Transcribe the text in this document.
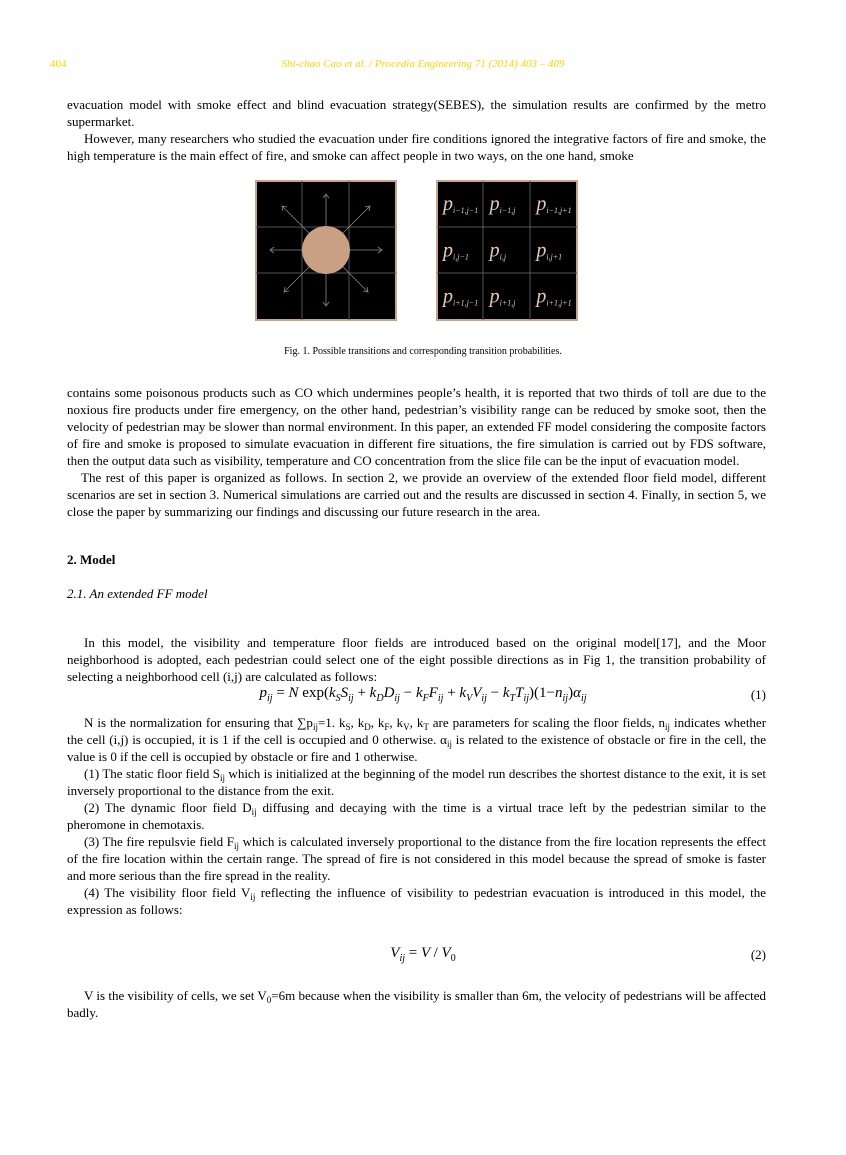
404	Shi-chao Cao et al. / Procedia Engineering 71 (2014) 403 – 409

evacuation model with smoke effect and blind evacuation strategy(SEBES), the simulation results are confirmed by the metro supermarket.

However, many researchers who studied the evacuation under fire conditions ignored the integrative factors of fire and smoke, the high temperature is the main effect of fire, and smoke can affect people in two ways, on the one hand, smoke

pi−1,j−1 pi−1,j pi−1,j+1
pi,j−1 pi,j pi,j+1
pi+1,j−1 pi+1,j pi+1,j+1
Fig. 1. Possible transitions and corresponding transition probabilities.

contains some poisonous products such as CO which undermines people’s health, it is reported that two thirds of toll are due to the noxious fire products under fire emergency, on the other hand, pedestrian’s visibility range can be reduced by smoke soot, then the velocity of pedestrian may be slower than normal environment. In this paper, an extended FF model considering the composite factors of fire and smoke is proposed to simulate evacuation in different fire situations, the fire simulation is carried out by FDS software, then the output data such as visibility, temperature and CO concentration from the slice file can be the input of evacuation model.

The rest of this paper is organized as follows. In section 2, we provide an overview of the extended floor field model, different scenarios are set in section 3. Numerical simulations are carried out and the results are discussed in section 4. Finally, in section 5, we close the paper by summarizing our findings and discussing our future research in the area.

2. Model
2.1. An extended FF model

In this model, the visibility and temperature floor fields are introduced based on the original model[17], and the Moor neighborhood is adopted, each pedestrian could select one of the eight possible directions as in Fig 1, the transition probability of selecting a neighborhood cell (i,j) are calculated as follows:

$p_{ij} = N$ $\exp(k_SS_{ij} + k_DD_{ij} - k_FF_{ij} + k_VV_{ij} - k_TT_{ij})(1-n_{ij})\alpha_{ij}$	(1)

N is the normalization for ensuring that $\sum p_{ij}=1$. $k_S$, $k_D$, $k_F$, $k_V$, $k_T$ are parameters for scaling the floor fields, $n_{ij}$ indicates whether the cell (i,j) is occupied, it is 1 if the cell is occupied and 0 otherwise. $\alpha_{ij}$ is related to the existence of obstacle or fire in the cell, the value is 0 if the cell is occupied by obstacle or fire and 1 otherwise.

(1) The static floor field $S_{ij}$ which is initialized at the beginning of the model run describes the shortest distance to the exit, it is set inversely proportional to the distance from the exit.

(2) The dynamic floor field $D_{ij}$ diffusing and decaying with the time is a virtual trace left by the pedestrian similar to the pheromone in chemotaxis.

(3) The fire repulsvie field $F_{ij}$ which is calculated inversely proportional to the distance from the fire location represents the effect of the fire location within the certain range. The spread of fire is not considered in this model because the spread of smoke is faster and more serious than the fire spread in the reality.

(4) The visibility floor field $V_{ij}$ reflecting the influence of visibility to pedestrian evacuation is introduced in this model, the expression as follows:

$V_{ij} = V / V_0$	(2)

V is the visibility of cells, we set $V_0=6m$ because when the visibility is smaller than 6m, the velocity of pedestrians will be affected badly.
